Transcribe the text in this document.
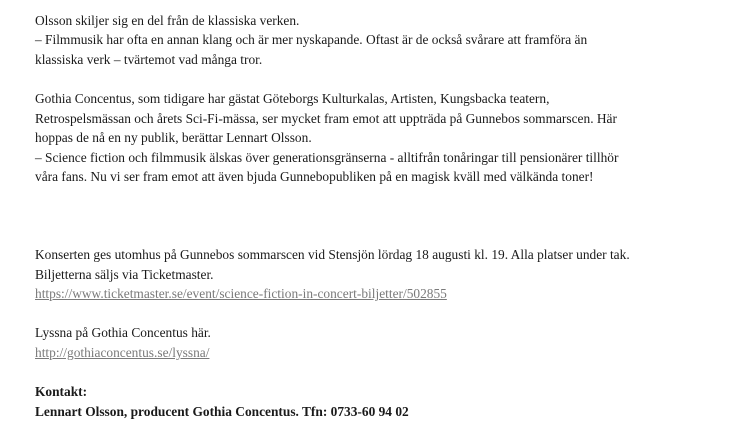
Olsson skiljer sig en del från de klassiska verken.
– Filmmusik har ofta en annan klang och är mer nyskapande. Oftast är de också svårare att framföra än
klassiska verk – tvärtemot vad många tror.
Gothia Concentus, som tidigare har gästat Göteborgs Kulturkalas, Artisten, Kungsbacka teatern,
Retrospelsmässan och årets Sci-Fi-mässa, ser mycket fram emot att uppträda på Gunnebos sommarscen. Här
hoppas de nå en ny publik, berättar Lennart Olsson.
– Science fiction och filmmusik älskas över generationsgränserna - alltifrån tonåringar till pensionärer tillhör
våra fans. Nu vi ser fram emot att även bjuda Gunnebopubliken på en magisk kväll med välkända toner!
Konserten ges utomhus på Gunnebos sommarscen vid Stensjön lördag 18 augusti kl. 19. Alla platser under tak.
Biljetterna säljs via Ticketmaster.
https://www.ticketmaster.se/event/science-fiction-in-concert-biljetter/502855
Lyssna på Gothia Concentus här.
http://gothiaconcentus.se/lyssna/
Kontakt:
Lennart Olsson, producent Gothia Concentus. Tfn: 0733-60 94 02
